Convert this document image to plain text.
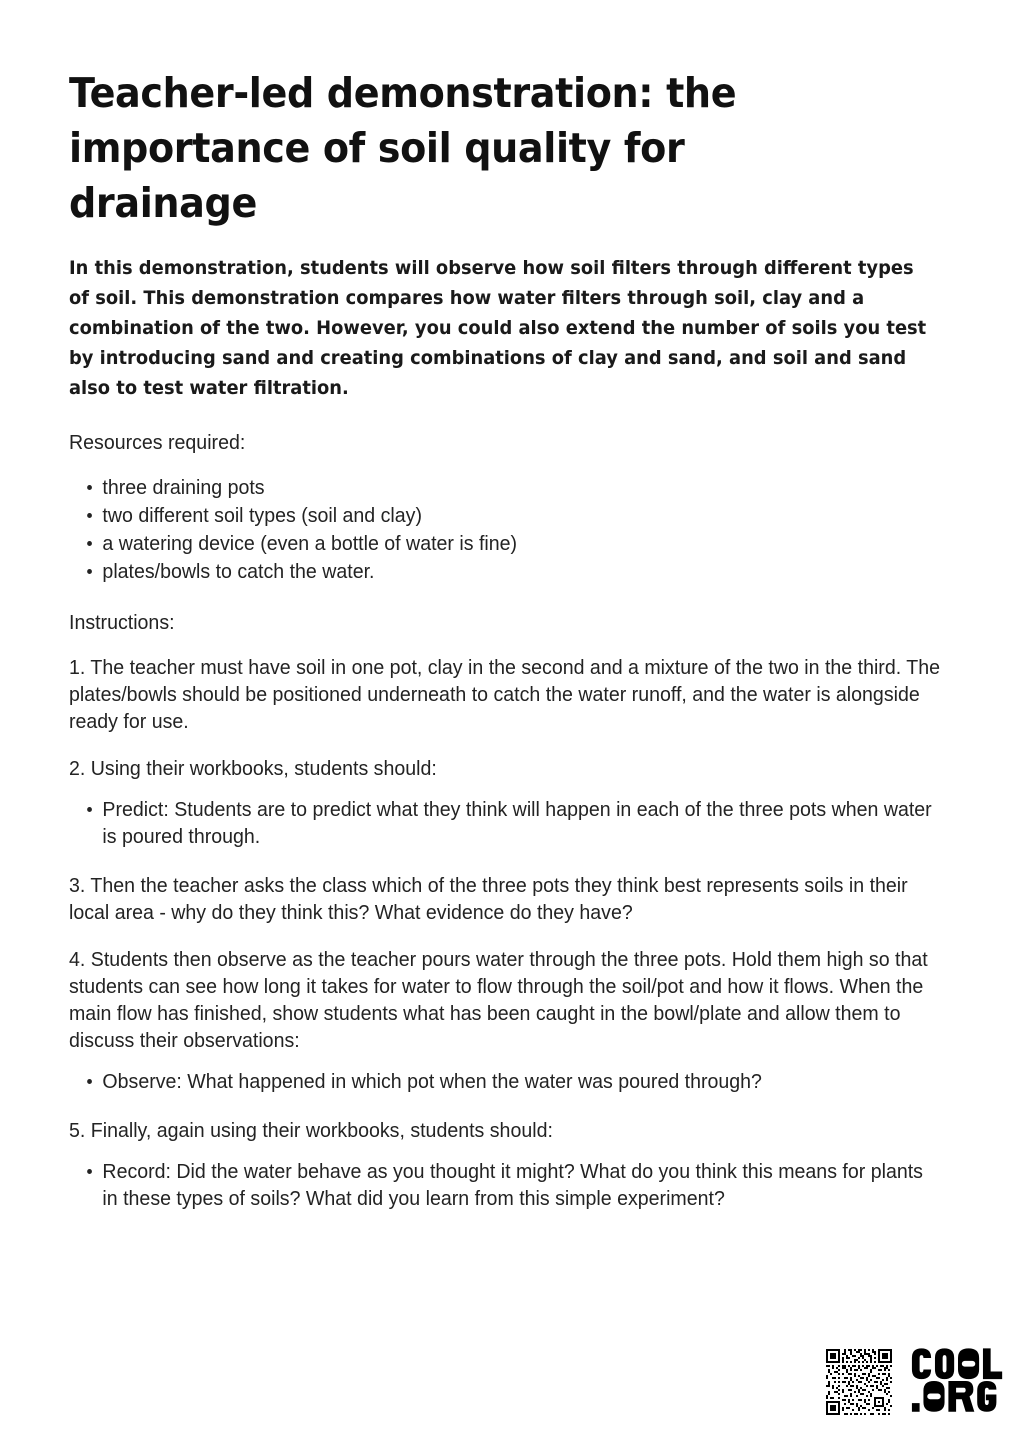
Teacher-led demonstration: the importance of soil quality for drainage

In this demonstration, students will observe how soil filters through different types of soil. This demonstration compares how water filters through soil, clay and a combination of the two. However, you could also extend the number of soils you test by introducing sand and creating combinations of clay and sand, and soil and sand also to test water filtration.

Resources required:

three draining pots
two different soil types (soil and clay)
a watering device (even a bottle of water is fine)
plates/bowls to catch the water.

Instructions:

1. The teacher must have soil in one pot, clay in the second and a mixture of the two in the third. The plates/bowls should be positioned underneath to catch the water runoff, and the water is alongside ready for use.

2. Using their workbooks, students should:

Predict: Students are to predict what they think will happen in each of the three pots when water is poured through.

3. Then the teacher asks the class which of the three pots they think best represents soils in their local area - why do they think this? What evidence do they have?

4. Students then observe as the teacher pours water through the three pots. Hold them high so that students can see how long it takes for water to flow through the soil/pot and how it flows. When the main flow has finished, show students what has been caught in the bowl/plate and allow them to discuss their observations:

Observe: What happened in which pot when the water was poured through?

5. Finally, again using their workbooks, students should:

Record: Did the water behave as you thought it might? What do you think this means for plants in these types of soils? What did you learn from this simple experiment?
